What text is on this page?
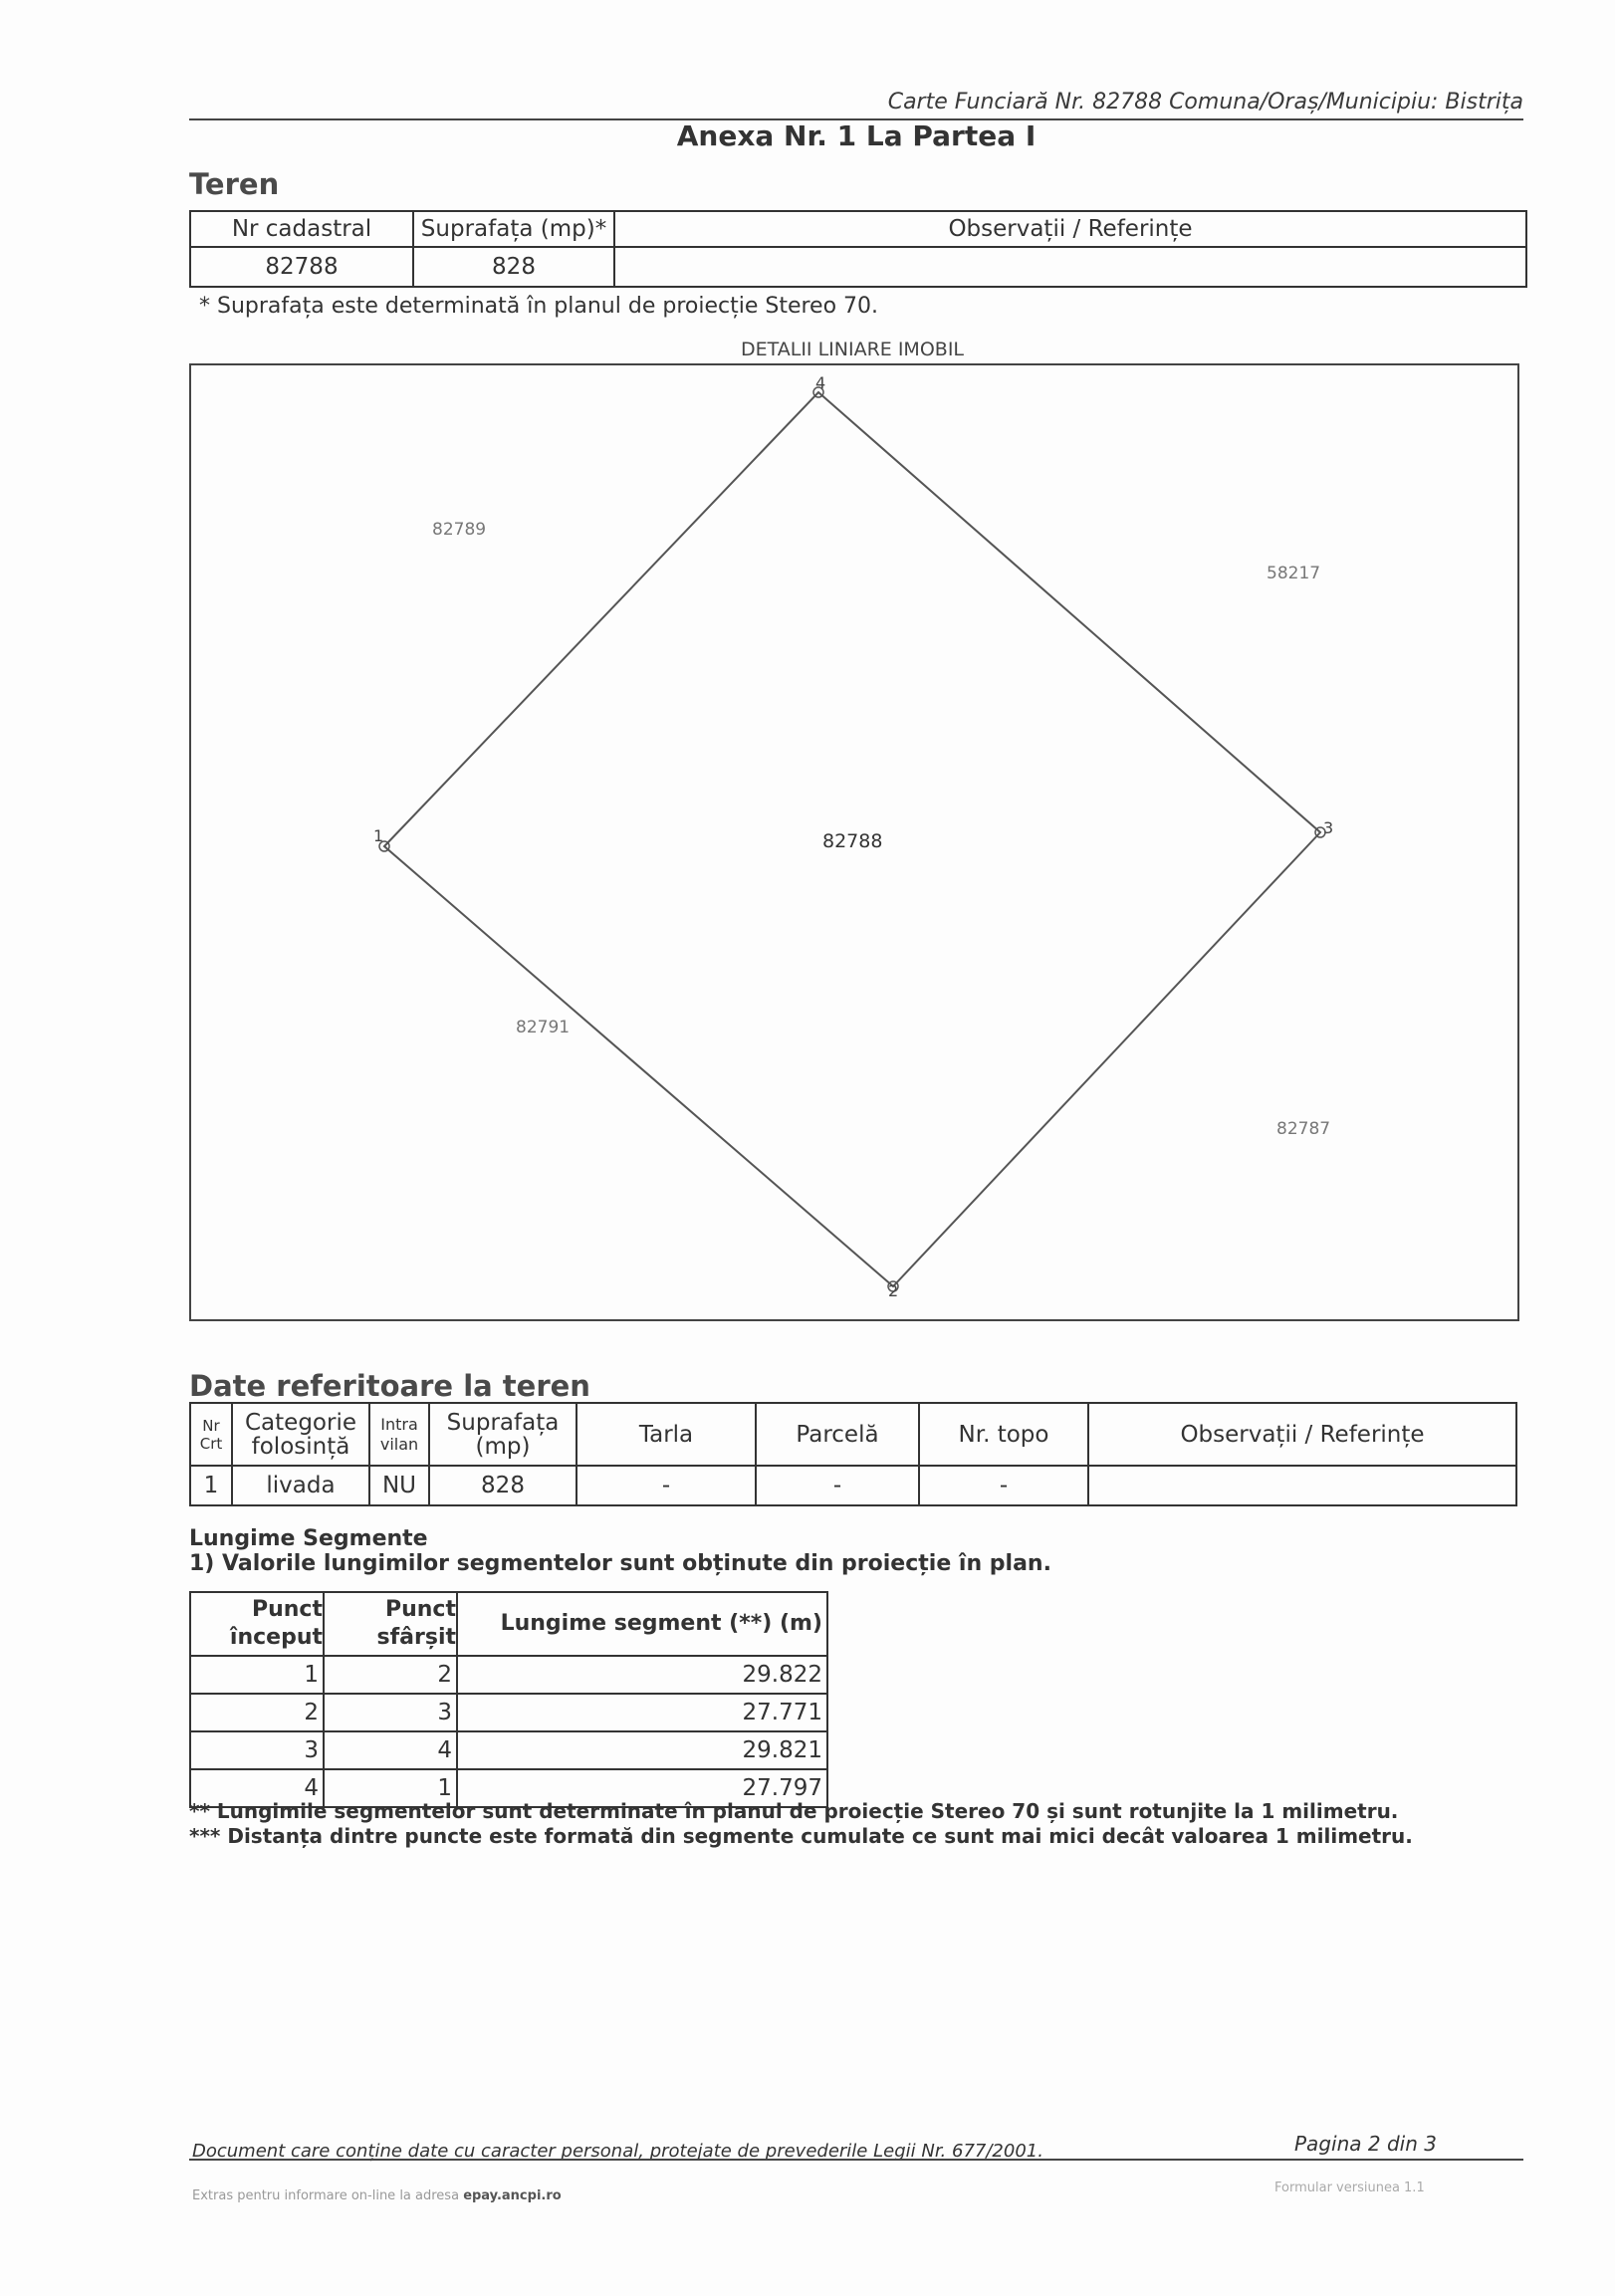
Carte Funciară Nr. 82788 Comuna/Oraș/Municipiu: Bistrița
Anexa Nr. 1 La Partea I
Teren
Nr cadastral	Suprafața (mp)*	Observații / Referințe
82788	828	
* Suprafața este determinată în planul de proiecție Stereo 70.
DETALII LINIARE IMOBIL
1	3
2
4
82788
82789
58217
82791
82787
Date referitoare la teren
Nr Crt	Categorie folosință	Intra vilan	Suprafața (mp)	Tarla	Parcelă	Nr. topo	Observații / Referințe
1	livada	NU	828	-	-	-	
Lungime Segmente
1) Valorile lungimilor segmentelor sunt obținute din proiecție în plan.
Punct început	Punct sfârșit	Lungime segment (**) (m)
1	2	29.822
2	3	27.771
3	4	29.821
4	1	27.797
** Lungimile segmentelor sunt determinate în planul de proiecție Stereo 70 și sunt rotunjite la 1 milimetru.
*** Distanța dintre puncte este formată din segmente cumulate ce sunt mai mici decât valoarea 1 milimetru.
Document care conține date cu caracter personal, protejate de prevederile Legii Nr. 677/2001.	Pagina 2 din 3
Extras pentru informare on-line la adresa epay.ancpi.ro
Formular versiunea 1.1
